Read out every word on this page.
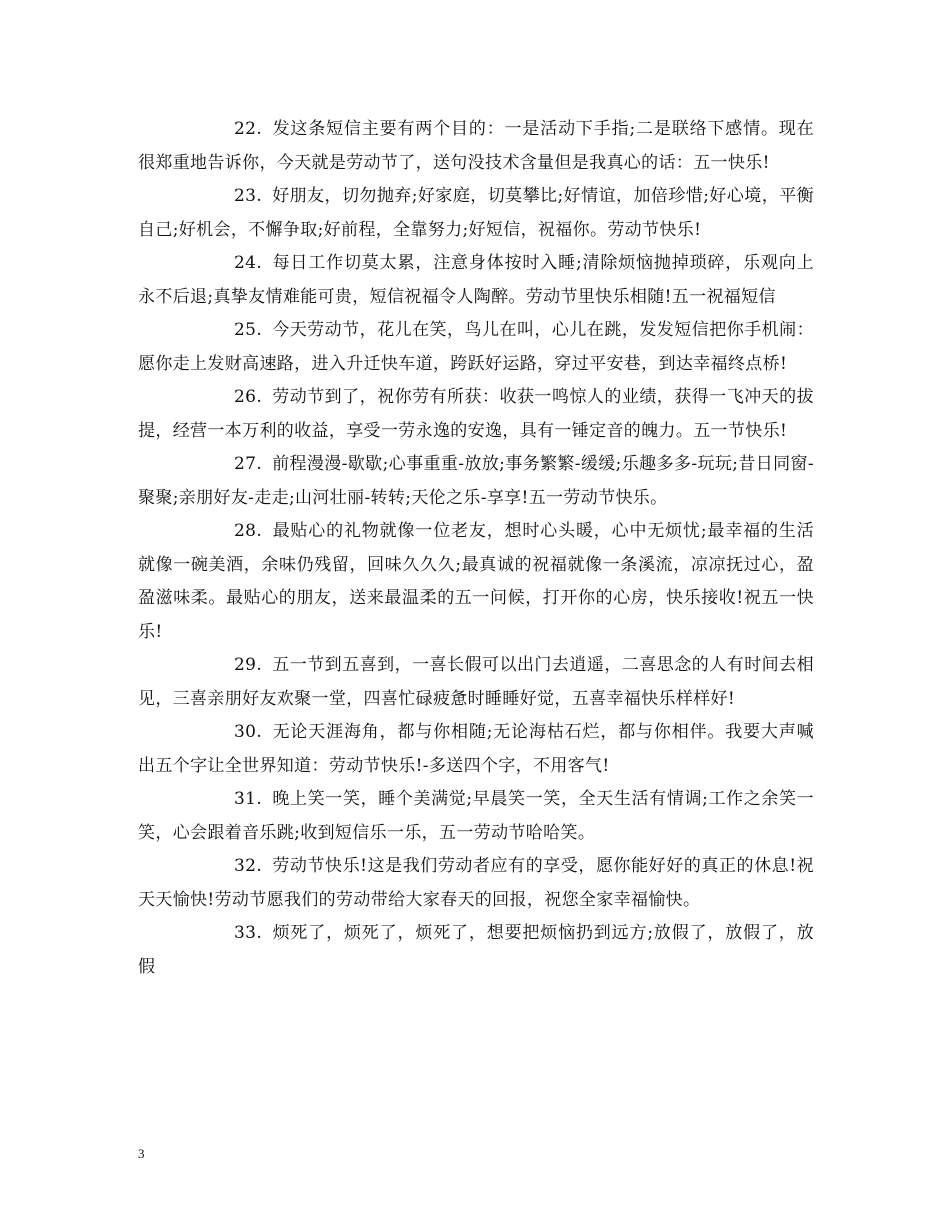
22. 发这条短信主要有两个目的：一是活动下手指;二是联络下感情。现在很郑重地告诉你，今天就是劳动节了，送句没技术含量但是我真心的话：五一快乐!

23. 好朋友，切勿抛弃;好家庭，切莫攀比;好情谊，加倍珍惜;好心境，平衡自己;好机会，不懈争取;好前程，全靠努力;好短信，祝福你。劳动节快乐!

24. 每日工作切莫太累，注意身体按时入睡;清除烦恼抛掉琐碎，乐观向上永不后退;真挚友情难能可贵，短信祝福令人陶醉。劳动节里快乐相随!五一祝福短信

25. 今天劳动节，花儿在笑，鸟儿在叫，心儿在跳，发发短信把你手机闹：愿你走上发财高速路，进入升迁快车道，跨跃好运路，穿过平安巷，到达幸福终点桥!

26. 劳动节到了，祝你劳有所获：收获一鸣惊人的业绩，获得一飞冲天的拔提，经营一本万利的收益，享受一劳永逸的安逸，具有一锤定音的魄力。五一节快乐!

27. 前程漫漫-歇歇;心事重重-放放;事务繁繁-缓缓;乐趣多多-玩玩;昔日同窗-聚聚;亲朋好友-走走;山河壮丽-转转;天伦之乐-享享!五一劳动节快乐。

28. 最贴心的礼物就像一位老友，想时心头暖，心中无烦忧;最幸福的生活就像一碗美酒，余味仍残留，回味久久久;最真诚的祝福就像一条溪流，凉凉抚过心，盈盈滋味柔。最贴心的朋友，送来最温柔的五一问候，打开你的心房，快乐接收!祝五一快乐!

29. 五一节到五喜到，一喜长假可以出门去逍遥，二喜思念的人有时间去相见，三喜亲朋好友欢聚一堂，四喜忙碌疲惫时睡睡好觉，五喜幸福快乐样样好!

30. 无论天涯海角，都与你相随;无论海枯石烂，都与你相伴。我要大声喊出五个字让全世界知道：劳动节快乐!-多送四个字，不用客气!

31. 晚上笑一笑，睡个美满觉;早晨笑一笑，全天生活有情调;工作之余笑一笑，心会跟着音乐跳;收到短信乐一乐，五一劳动节哈哈笑。

32. 劳动节快乐!这是我们劳动者应有的享受，愿你能好好的真正的休息!祝天天愉快!劳动节愿我们的劳动带给大家春天的回报，祝您全家幸福愉快。

33. 烦死了，烦死了，烦死了，想要把烦恼扔到远方;放假了，放假了，放假

3
